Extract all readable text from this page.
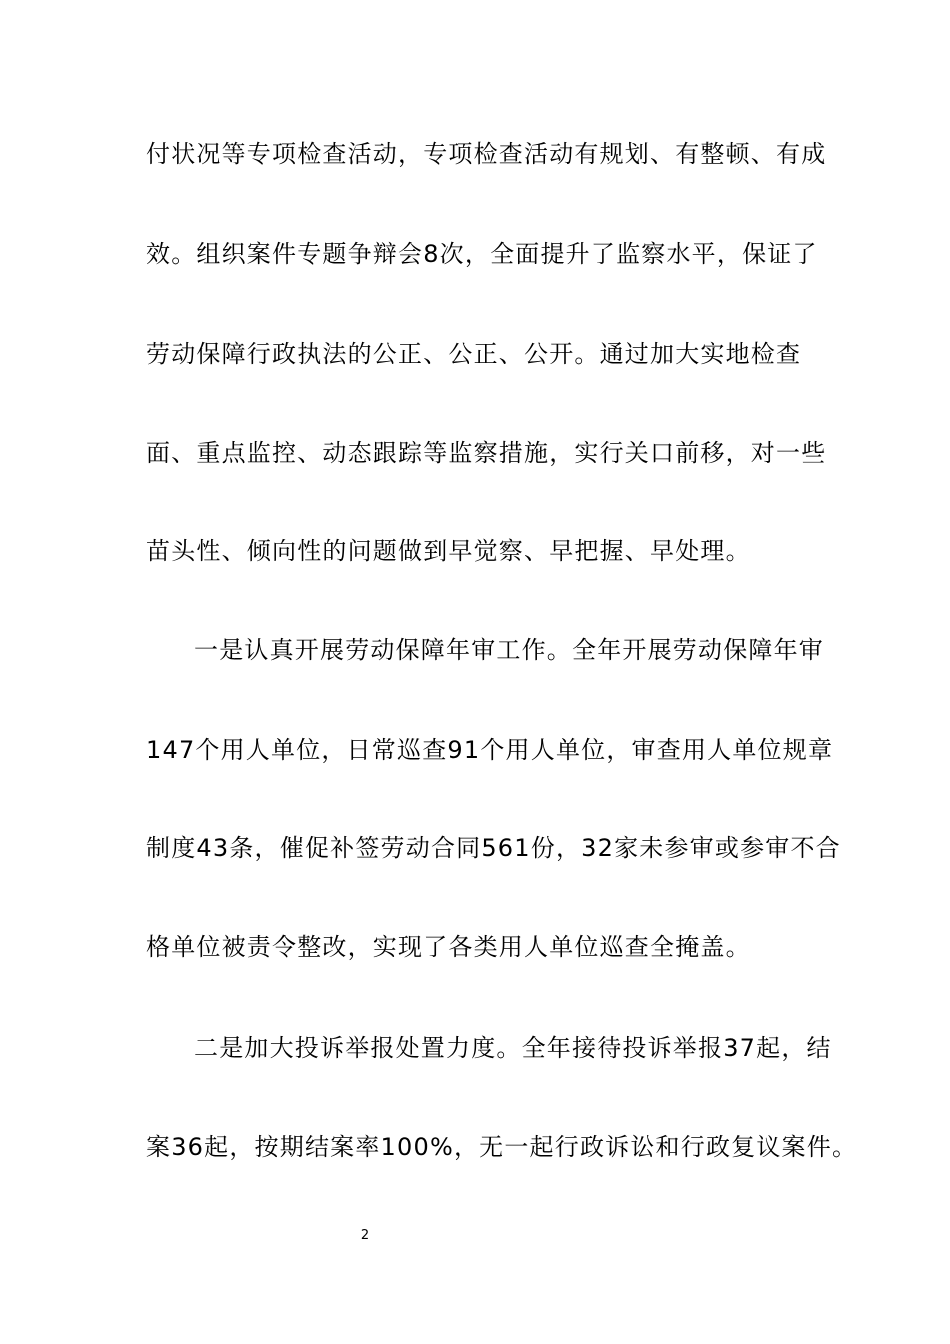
付状况等专项检查活动，专项检查活动有规划、有整顿、有成
效。组织案件专题争辩会8次，全面提升了监察水平，保证了
劳动保障行政执法的公正、公正、公开。通过加大实地检查
面、重点监控、动态跟踪等监察措施，实行关口前移，对一些
苗头性、倾向性的问题做到早觉察、早把握、早处理。
一是认真开展劳动保障年审工作。全年开展劳动保障年审
147个用人单位，日常巡查91个用人单位，审查用人单位规章
制度43条，催促补签劳动合同561份，32家未参审或参审不合
格单位被责令整改，实现了各类用人单位巡查全掩盖。
二是加大投诉举报处置力度。全年接待投诉举报37起，结
案36起，按期结案率100%，无一起行政诉讼和行政复议案件。
2
